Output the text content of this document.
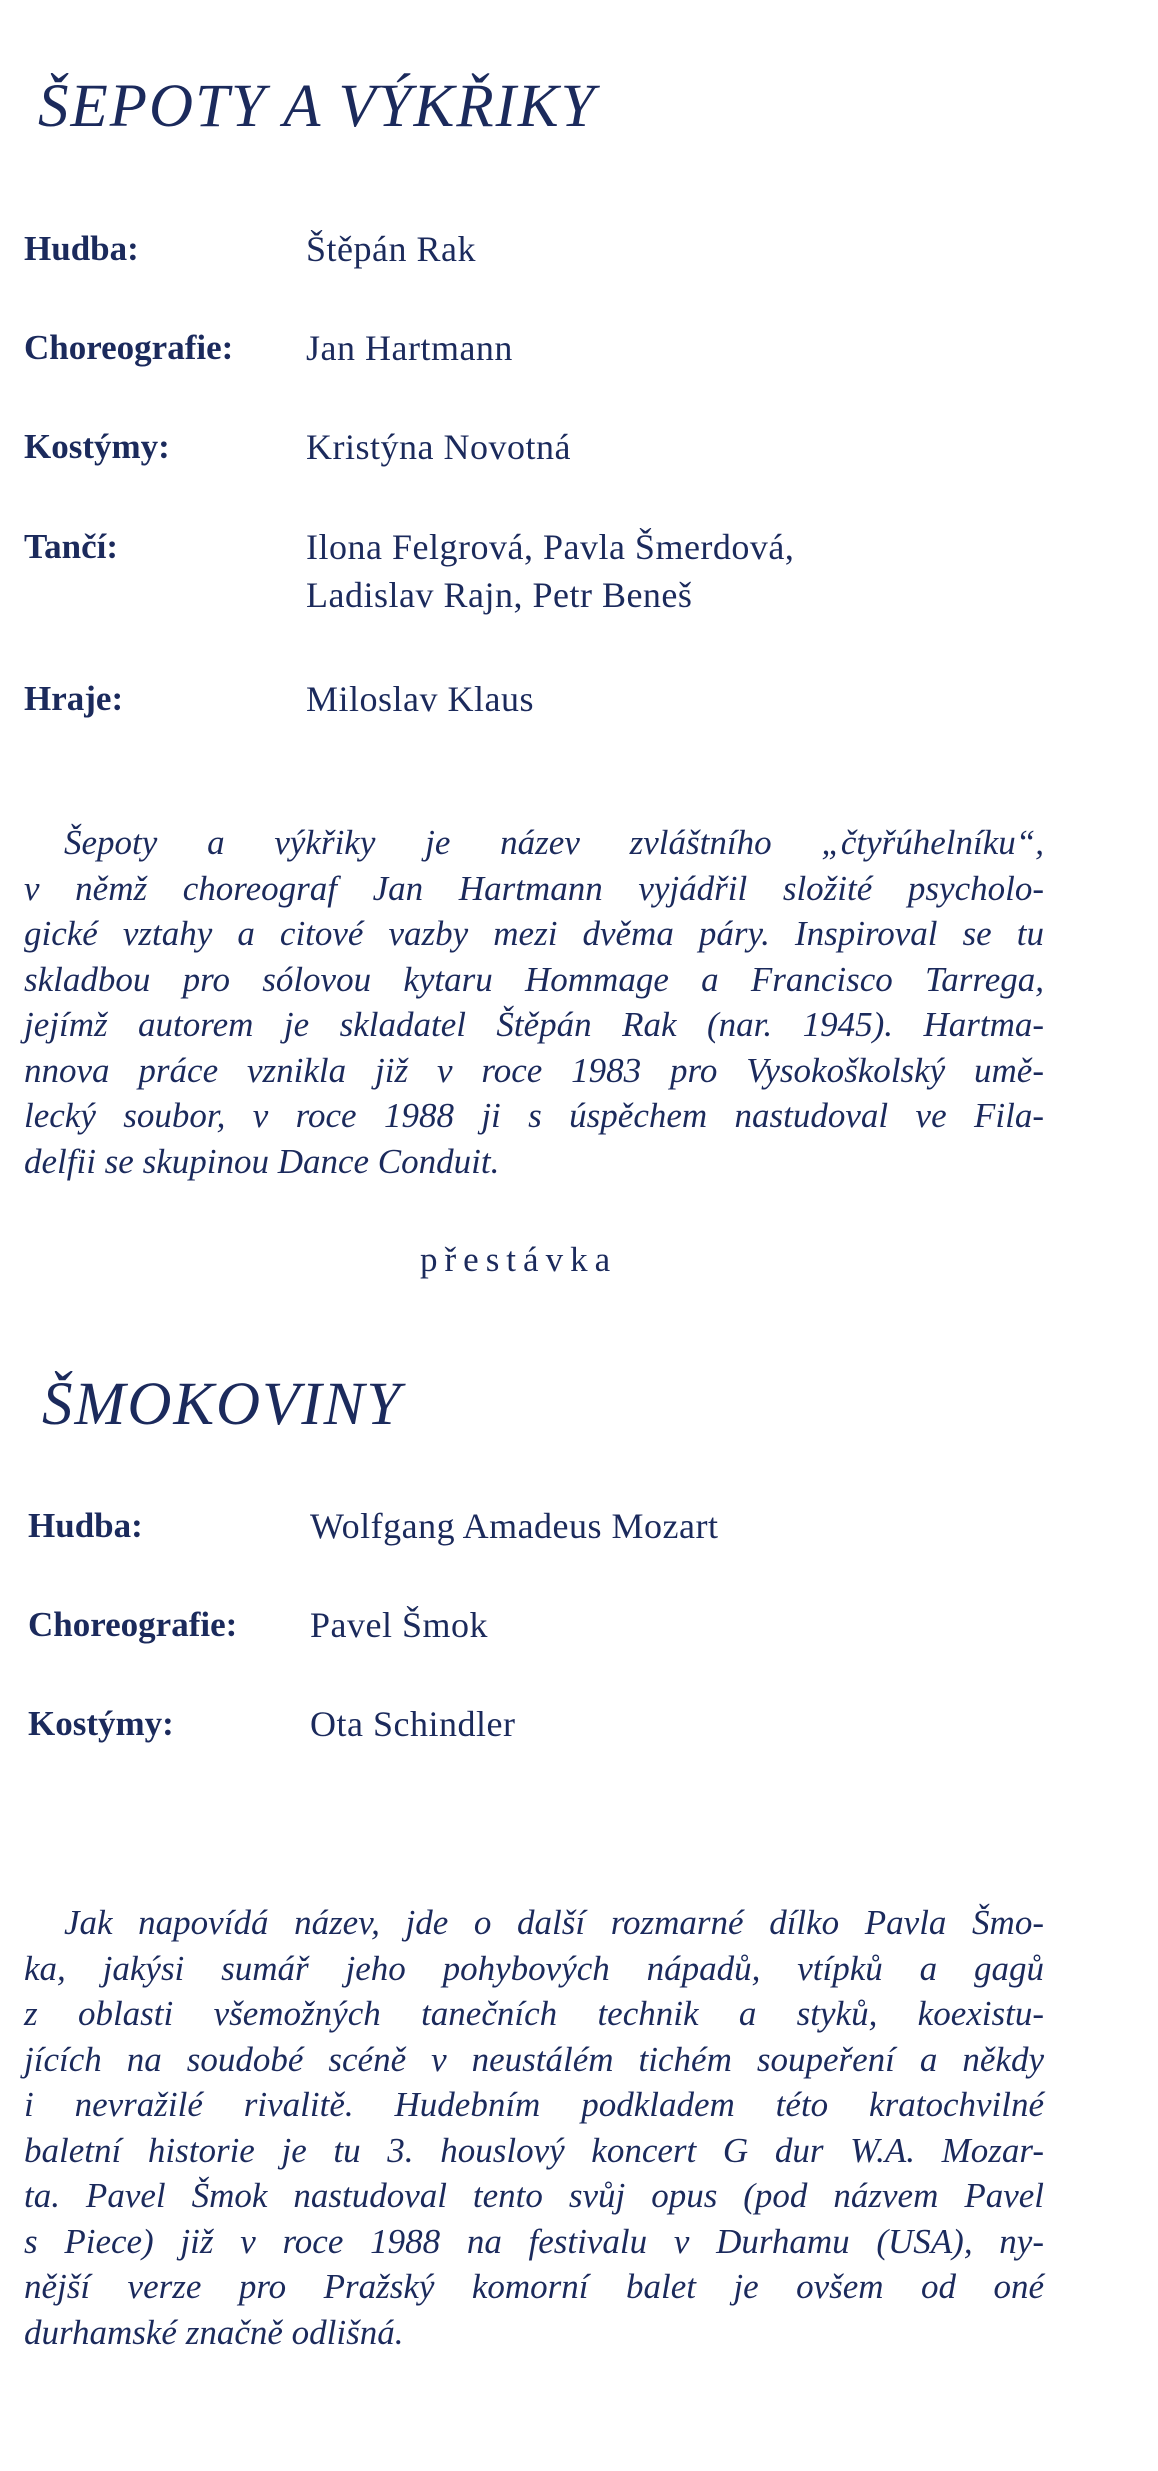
ŠEPOTY A VÝKŘIKY
Hudba:	Štěpán Rak
Choreografie: Jan Hartmann
Kostýmy:	Kristýna Novotná
Tančí:	Ilona Felgrová, Pavla Šmerdová,
Ladislav Rajn, Petr Beneš
Hraje:	Miloslav Klaus
Šepoty a výkřiky je název zvláštního „čtyřúhelníku“,
v němž choreograf Jan Hartmann vyjádřil složité psycholo-
gické vztahy a citové vazby mezi dvěma páry. Inspiroval se tu
skladbou pro sólovou kytaru Hommage a Francisco Tarrega,
jejímž autorem je skladatel Štěpán Rak (nar. 1945). Hartma-
nnova práce vznikla již v roce 1983 pro Vysokoškolský umě-
lecký soubor, v roce 1988 ji s úspěchem nastudoval ve Fila-
delfii se skupinou Dance Conduit.
přestávka
ŠMOKOVINY
Hudba:	Wolfgang Amadeus Mozart
Choreografie: Pavel Šmok
Kostýmy:	Ota Schindler
Jak napovídá název, jde o další rozmarné dílko Pavla Šmo-
ka, jakýsi sumář jeho pohybových nápadů, vtípků a gagů
z oblasti všemožných tanečních technik a styků, koexistu-
jících na soudobé scéně v neustálém tichém soupeření a někdy
i nevražilé rivalitě. Hudebním podkladem této kratochvilné
baletní historie je tu 3. houslový koncert G dur W.A. Mozar-
ta. Pavel Šmok nastudoval tento svůj opus (pod názvem Pavel
s Piece) již v roce 1988 na festivalu v Durhamu (USA), ny-
nější verze pro Pražský komorní balet je ovšem od oné
durhamské značně odlišná.
